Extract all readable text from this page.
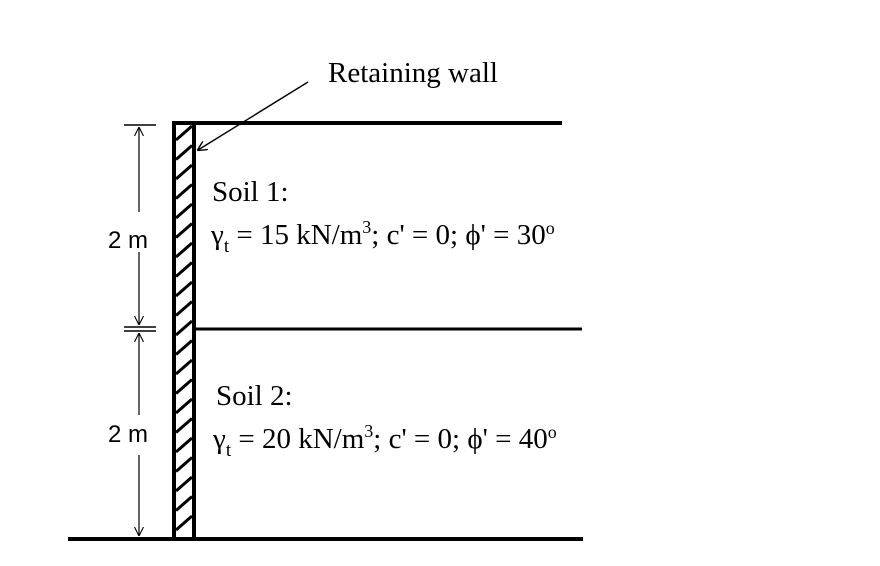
2 m
2 m
Retaining wall
Soil 1:
$\gamma_t = 15$ $kN/m^3$; c' = 0; $\phi' = 30^o$
Soil 2:
$\gamma_t = 20$ $kN/m^3$; c' = 0; $\phi' = 40^o$
